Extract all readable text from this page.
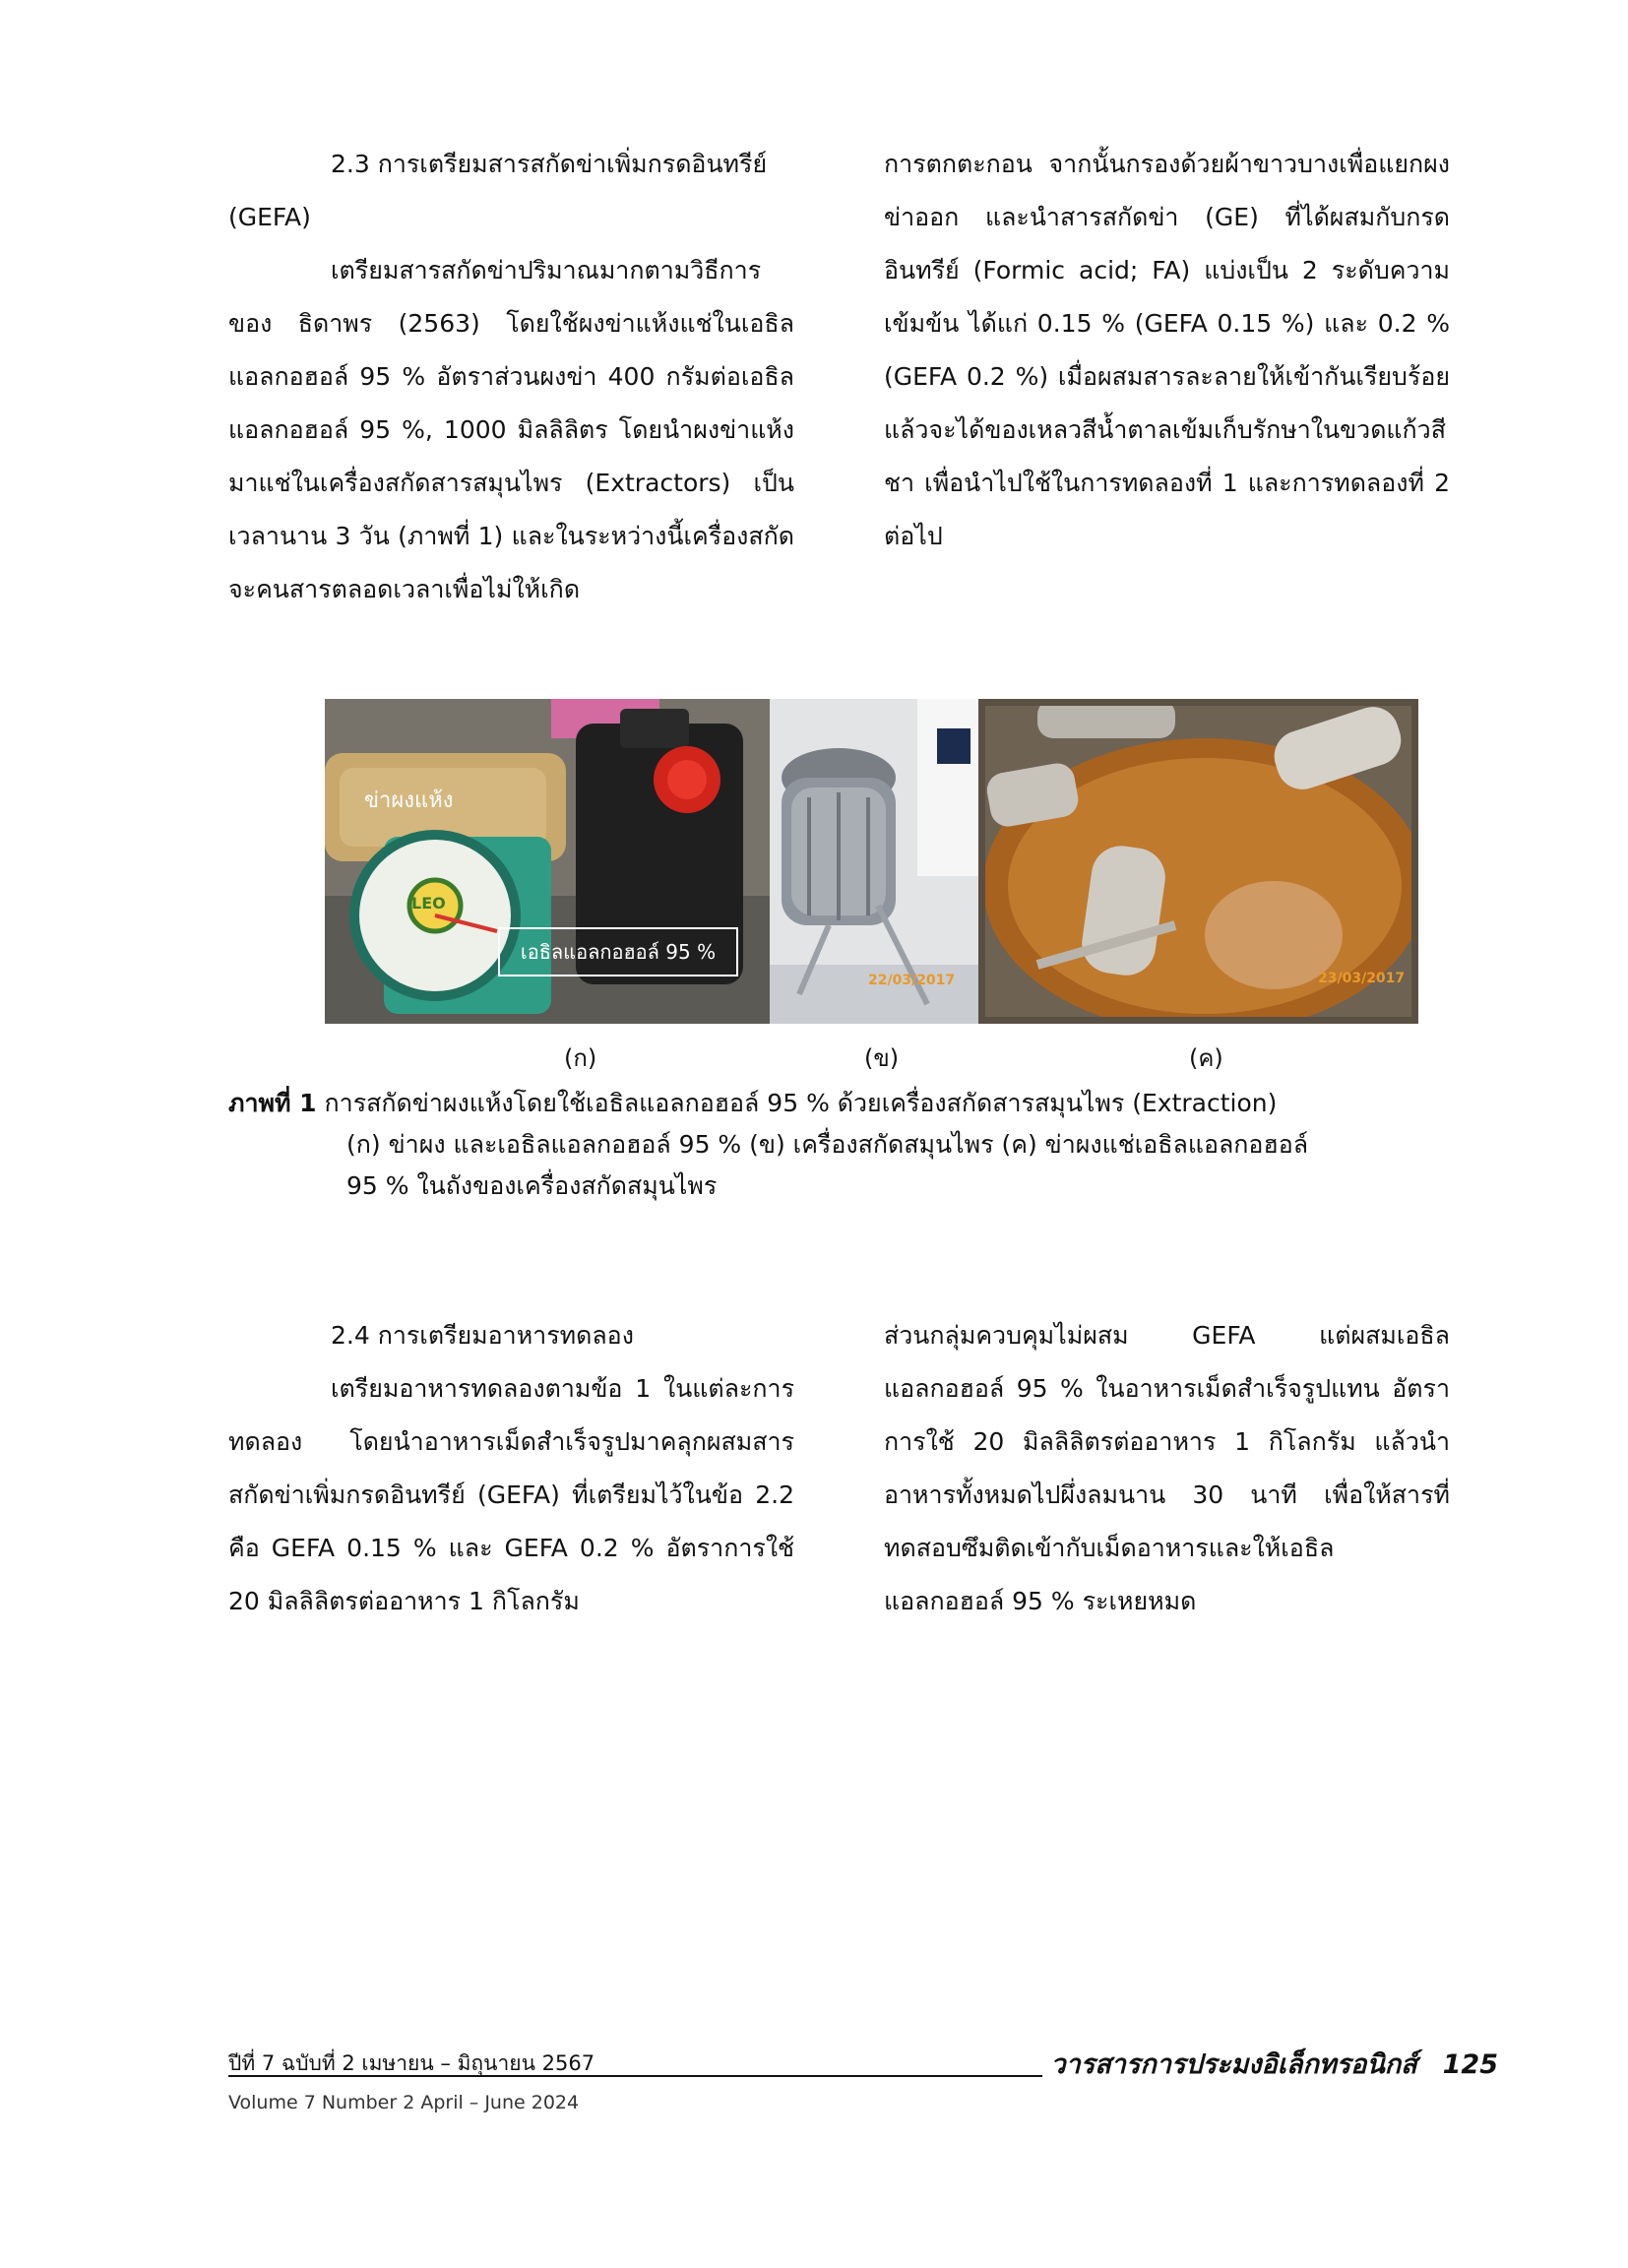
2.3 การเตรียมสารสกัดข่าเพิ่มกรดอินทรีย์

(GEFA)

เตรียมสารสกัดข่าปริมาณมากตามวิธีการของ ธิดาพร (2563) โดยใช้ผงข่าแห้งแช่ในเอธิลแอลกอฮอล์ 95 % อัตราส่วนผงข่า 400 กรัมต่อเอธิลแอลกอฮอล์ 95 %, 1000 มิลลิลิตร โดยนำผงข่าแห้งมาแช่ในเครื่องสกัดสารสมุนไพร (Extractors) เป็นเวลานาน 3 วัน (ภาพที่ 1) และในระหว่างนี้เครื่องสกัดจะคนสารตลอดเวลาเพื่อไม่ให้เกิด

การตกตะกอน จากนั้นกรองด้วยผ้าขาวบางเพื่อแยกผงข่าออก และนำสารสกัดข่า (GE) ที่ได้ผสมกับกรดอินทรีย์ (Formic acid; FA) แบ่งเป็น 2 ระดับความเข้มข้น ได้แก่ 0.15 % (GEFA 0.15 %) และ 0.2 % (GEFA 0.2 %) เมื่อผสมสารละลายให้เข้ากันเรียบร้อยแล้วจะได้ของเหลวสีน้ำตาลเข้มเก็บรักษาในขวดแก้วสีชา เพื่อนำไปใช้ในการทดลองที่ 1 และการทดลองที่ 2 ต่อไป

ข่าผงแห้ง
LEO
เอธิลแอลกอฮอล์ 95 %
22/03/2017	23/03/2017
(ก)	(ข)	(ค)
ภาพที่ 1 การสกัดข่าผงแห้งโดยใช้เอธิลแอลกอฮอล์ 95 % ด้วยเครื่องสกัดสารสมุนไพร (Extraction)
(ก) ข่าผง และเอธิลแอลกอฮอล์ 95 % (ข) เครื่องสกัดสมุนไพร (ค) ข่าผงแช่เอธิลแอลกอฮอล์
95 % ในถังของเครื่องสกัดสมุนไพร

2.4 การเตรียมอาหารทดลอง

เตรียมอาหารทดลองตามข้อ 1 ในแต่ละการทดลอง โดยนำอาหารเม็ดสำเร็จรูปมาคลุกผสมสารสกัดข่าเพิ่มกรดอินทรีย์ (GEFA) ที่เตรียมไว้ในข้อ 2.2 คือ GEFA 0.15 % และ GEFA 0.2 % อัตราการใช้ 20 มิลลิลิตรต่ออาหาร 1 กิโลกรัม

ส่วนกลุ่มควบคุมไม่ผสม GEFA แต่ผสมเอธิลแอลกอฮอล์ 95 % ในอาหารเม็ดสำเร็จรูปแทน อัตราการใช้ 20 มิลลิลิตรต่ออาหาร 1 กิโลกรัม แล้วนำอาหารทั้งหมดไปผึ่งลมนาน 30 นาที เพื่อให้สารที่ทดสอบซึมติดเข้ากับเม็ดอาหารและให้เอธิลแอลกอฮอล์ 95 % ระเหยหมด

ปีที่ 7 ฉบับที่ 2 เมษายน – มิถุนายน 2567
Volume 7 Number 2 April – June 2024
วารสารการประมงอิเล็กทรอนิกส์ 125
